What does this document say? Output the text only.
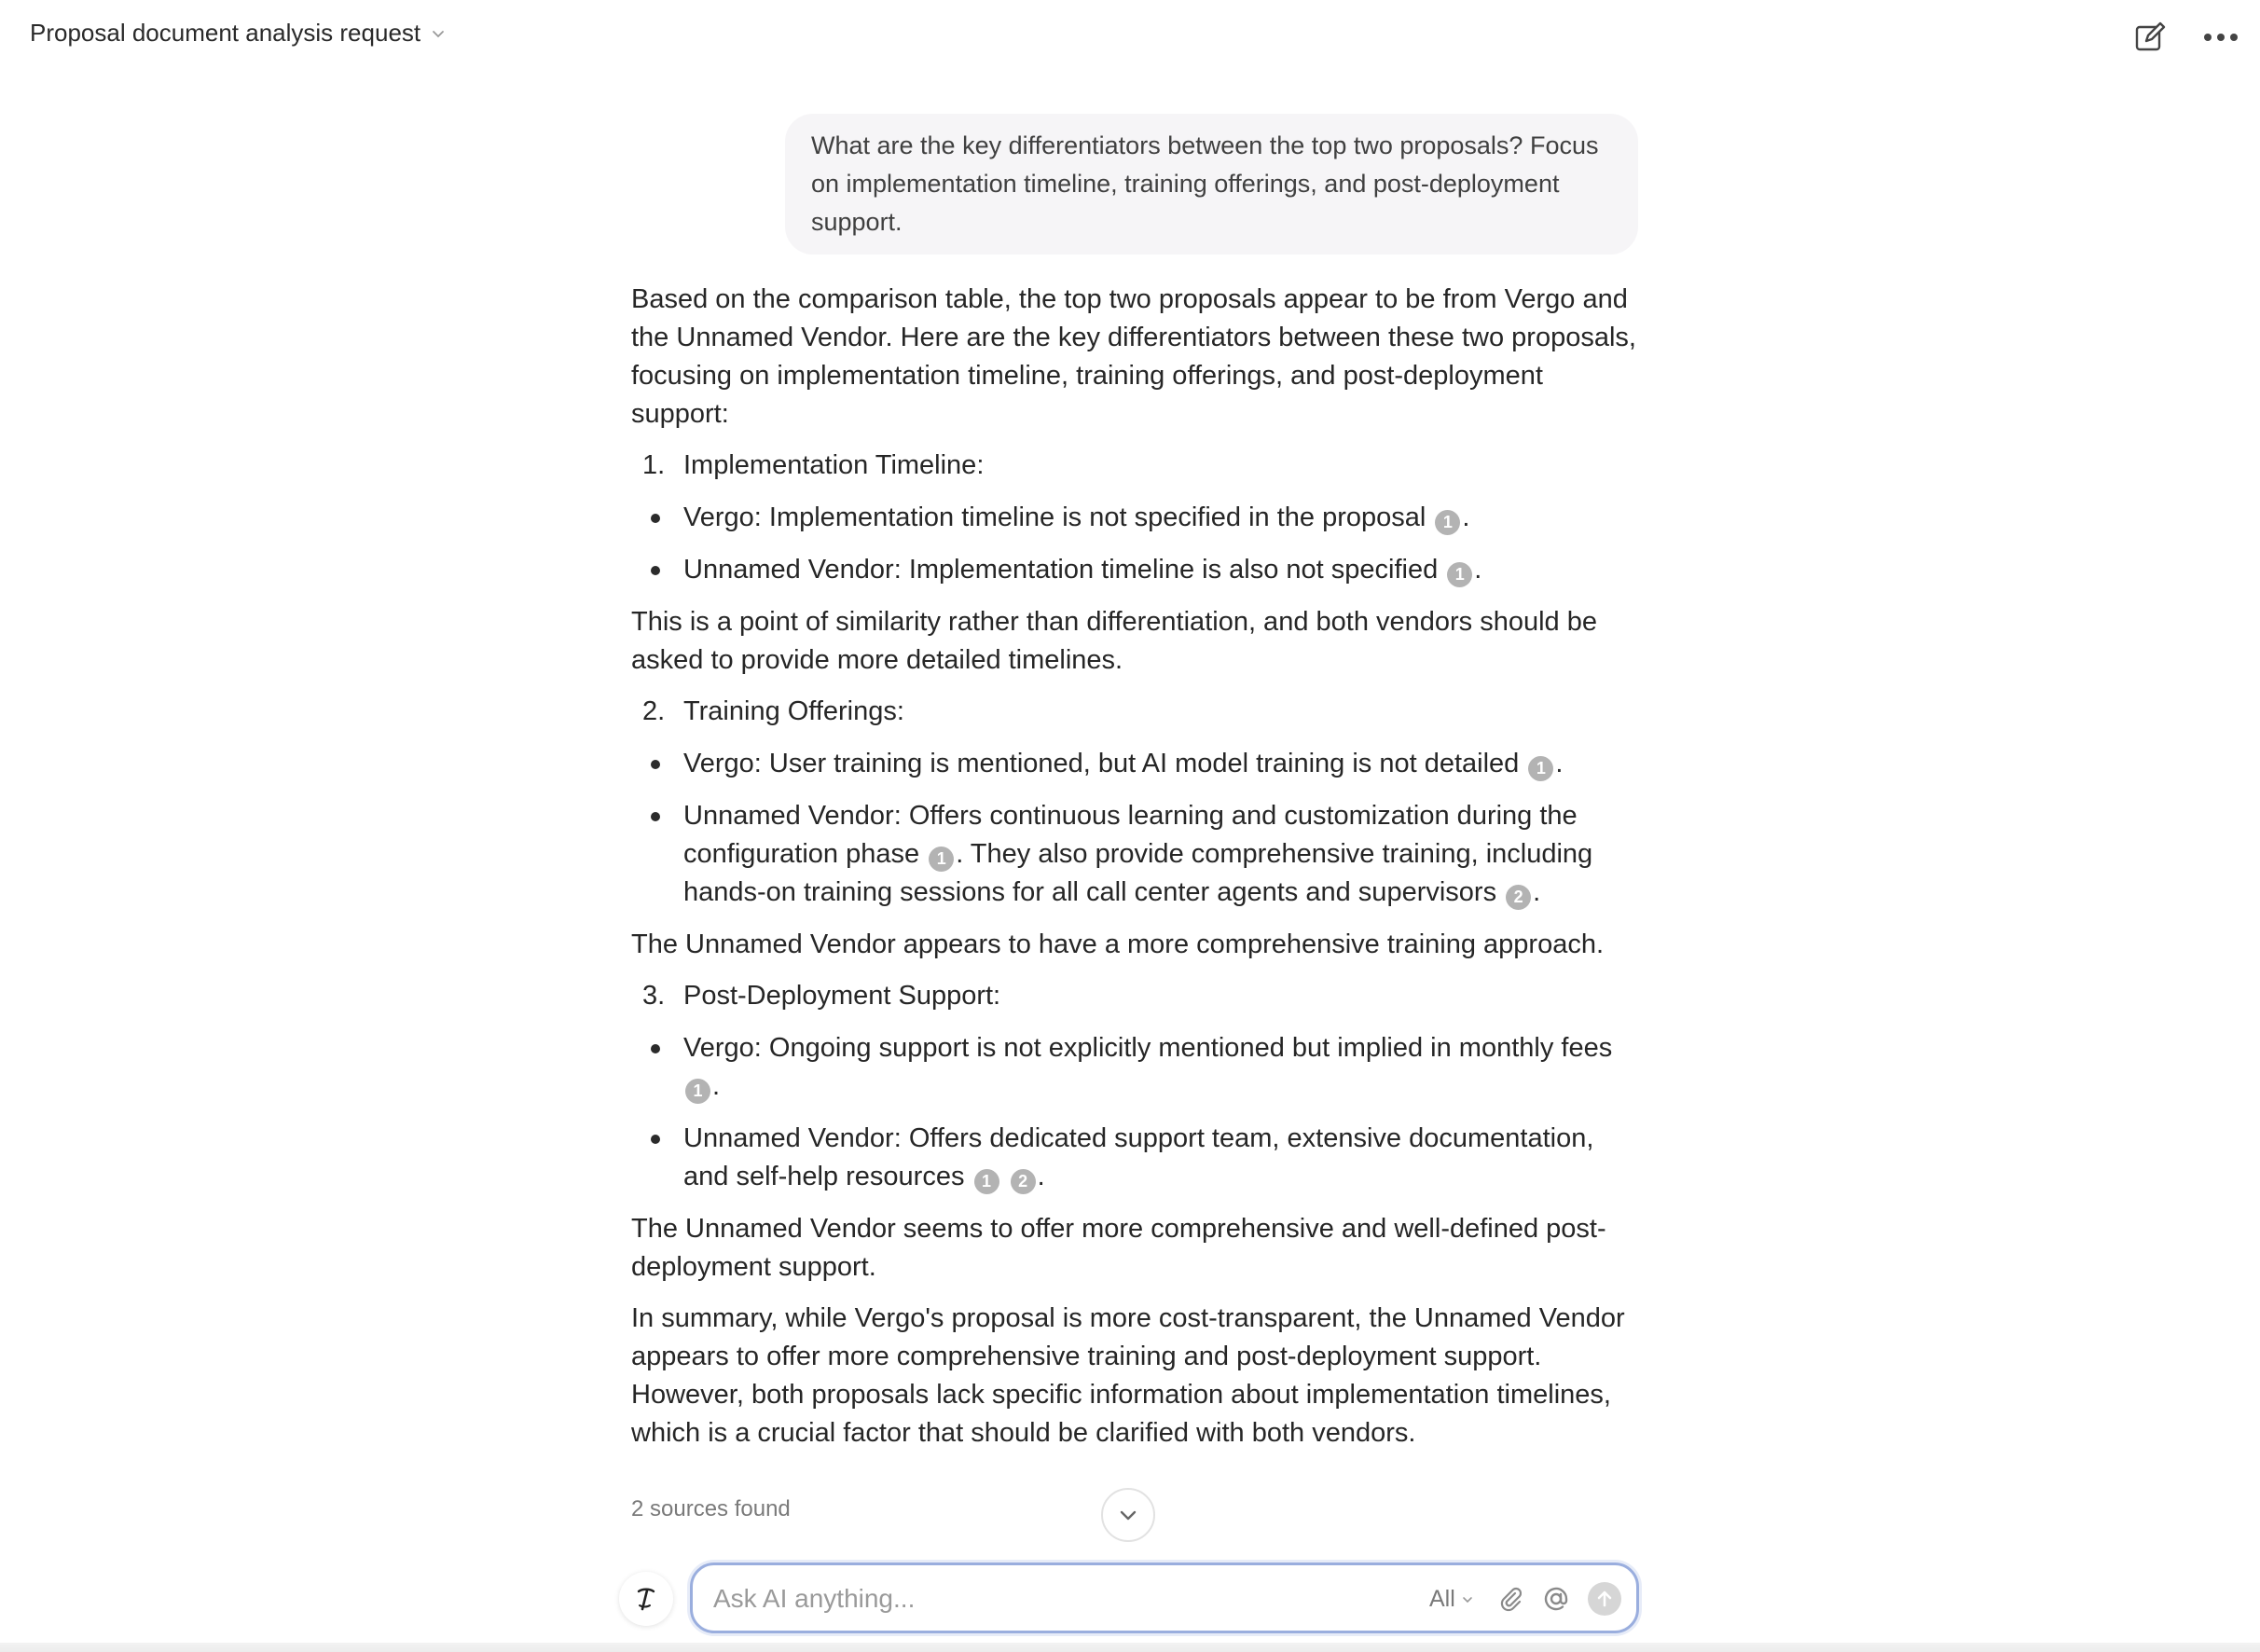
Proposal document analysis request
What are the key differentiators between the top two proposals? Focus on implementation timeline, training offerings, and post-deployment support.

Based on the comparison table, the top two proposals appear to be from Vergo and the Unnamed Vendor. Here are the key differentiators between these two proposals, focusing on implementation timeline, training offerings, and post-deployment support:

1. Implementation Timeline:
Vergo: Implementation timeline is not specified in the proposal 1 .
Unnamed Vendor: Implementation timeline is also not specified 1 .

This is a point of similarity rather than differentiation, and both vendors should be asked to provide more detailed timelines.

2. Training Offerings:
Vergo: User training is mentioned, but AI model training is not detailed 1 .
Unnamed Vendor: Offers continuous learning and customization during the configuration phase 1 . They also provide comprehensive training, including hands-on training sessions for all call center agents and supervisors 2 .

The Unnamed Vendor appears to have a more comprehensive training approach.

3. Post-Deployment Support:
Vergo: Ongoing support is not explicitly mentioned but implied in monthly fees 1 .
Unnamed Vendor: Offers dedicated support team, extensive documentation, and self-help resources 1 2 .

The Unnamed Vendor seems to offer more comprehensive and well-defined post-deployment support.

In summary, while Vergo's proposal is more cost-transparent, the Unnamed Vendor appears to offer more comprehensive training and post-deployment support. However, both proposals lack specific information about implementation timelines, which is a crucial factor that should be clarified with both vendors.

2 sources found
Ask AI anything...
All
